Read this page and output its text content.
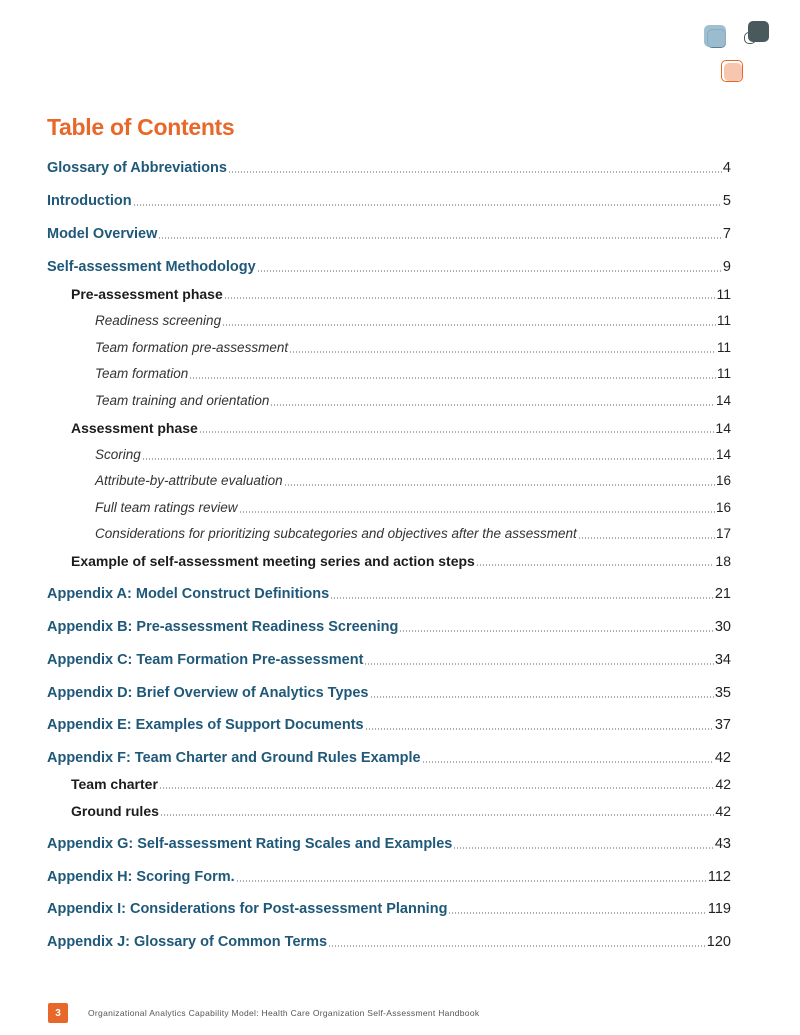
Table of Contents
Glossary of Abbreviations	4
Introduction	5
Model Overview	7
Self-assessment Methodology	9
Pre-assessment phase	11
Readiness screening	11
Team formation pre-assessment	11
Team formation	11
Team training and orientation	14
Assessment phase	14
Scoring	14
Attribute-by-attribute evaluation	16
Full team ratings review	16
Considerations for prioritizing subcategories and objectives after the assessment	17
Example of self-assessment meeting series and action steps	18
Appendix A: Model Construct Definitions	21
Appendix B: Pre-assessment Readiness Screening	30
Appendix C: Team Formation Pre-assessment	34
Appendix D: Brief Overview of Analytics Types	35
Appendix E: Examples of Support Documents	37
Appendix F: Team Charter and Ground Rules Example	42
Team charter	42
Ground rules	42
Appendix G: Self-assessment Rating Scales and Examples	43
Appendix H: Scoring Form.	112
Appendix I: Considerations for Post-assessment Planning	119
Appendix J: Glossary of Common Terms	120
3	Organizational Analytics Capability Model: Health Care Organization Self-Assessment Handbook
